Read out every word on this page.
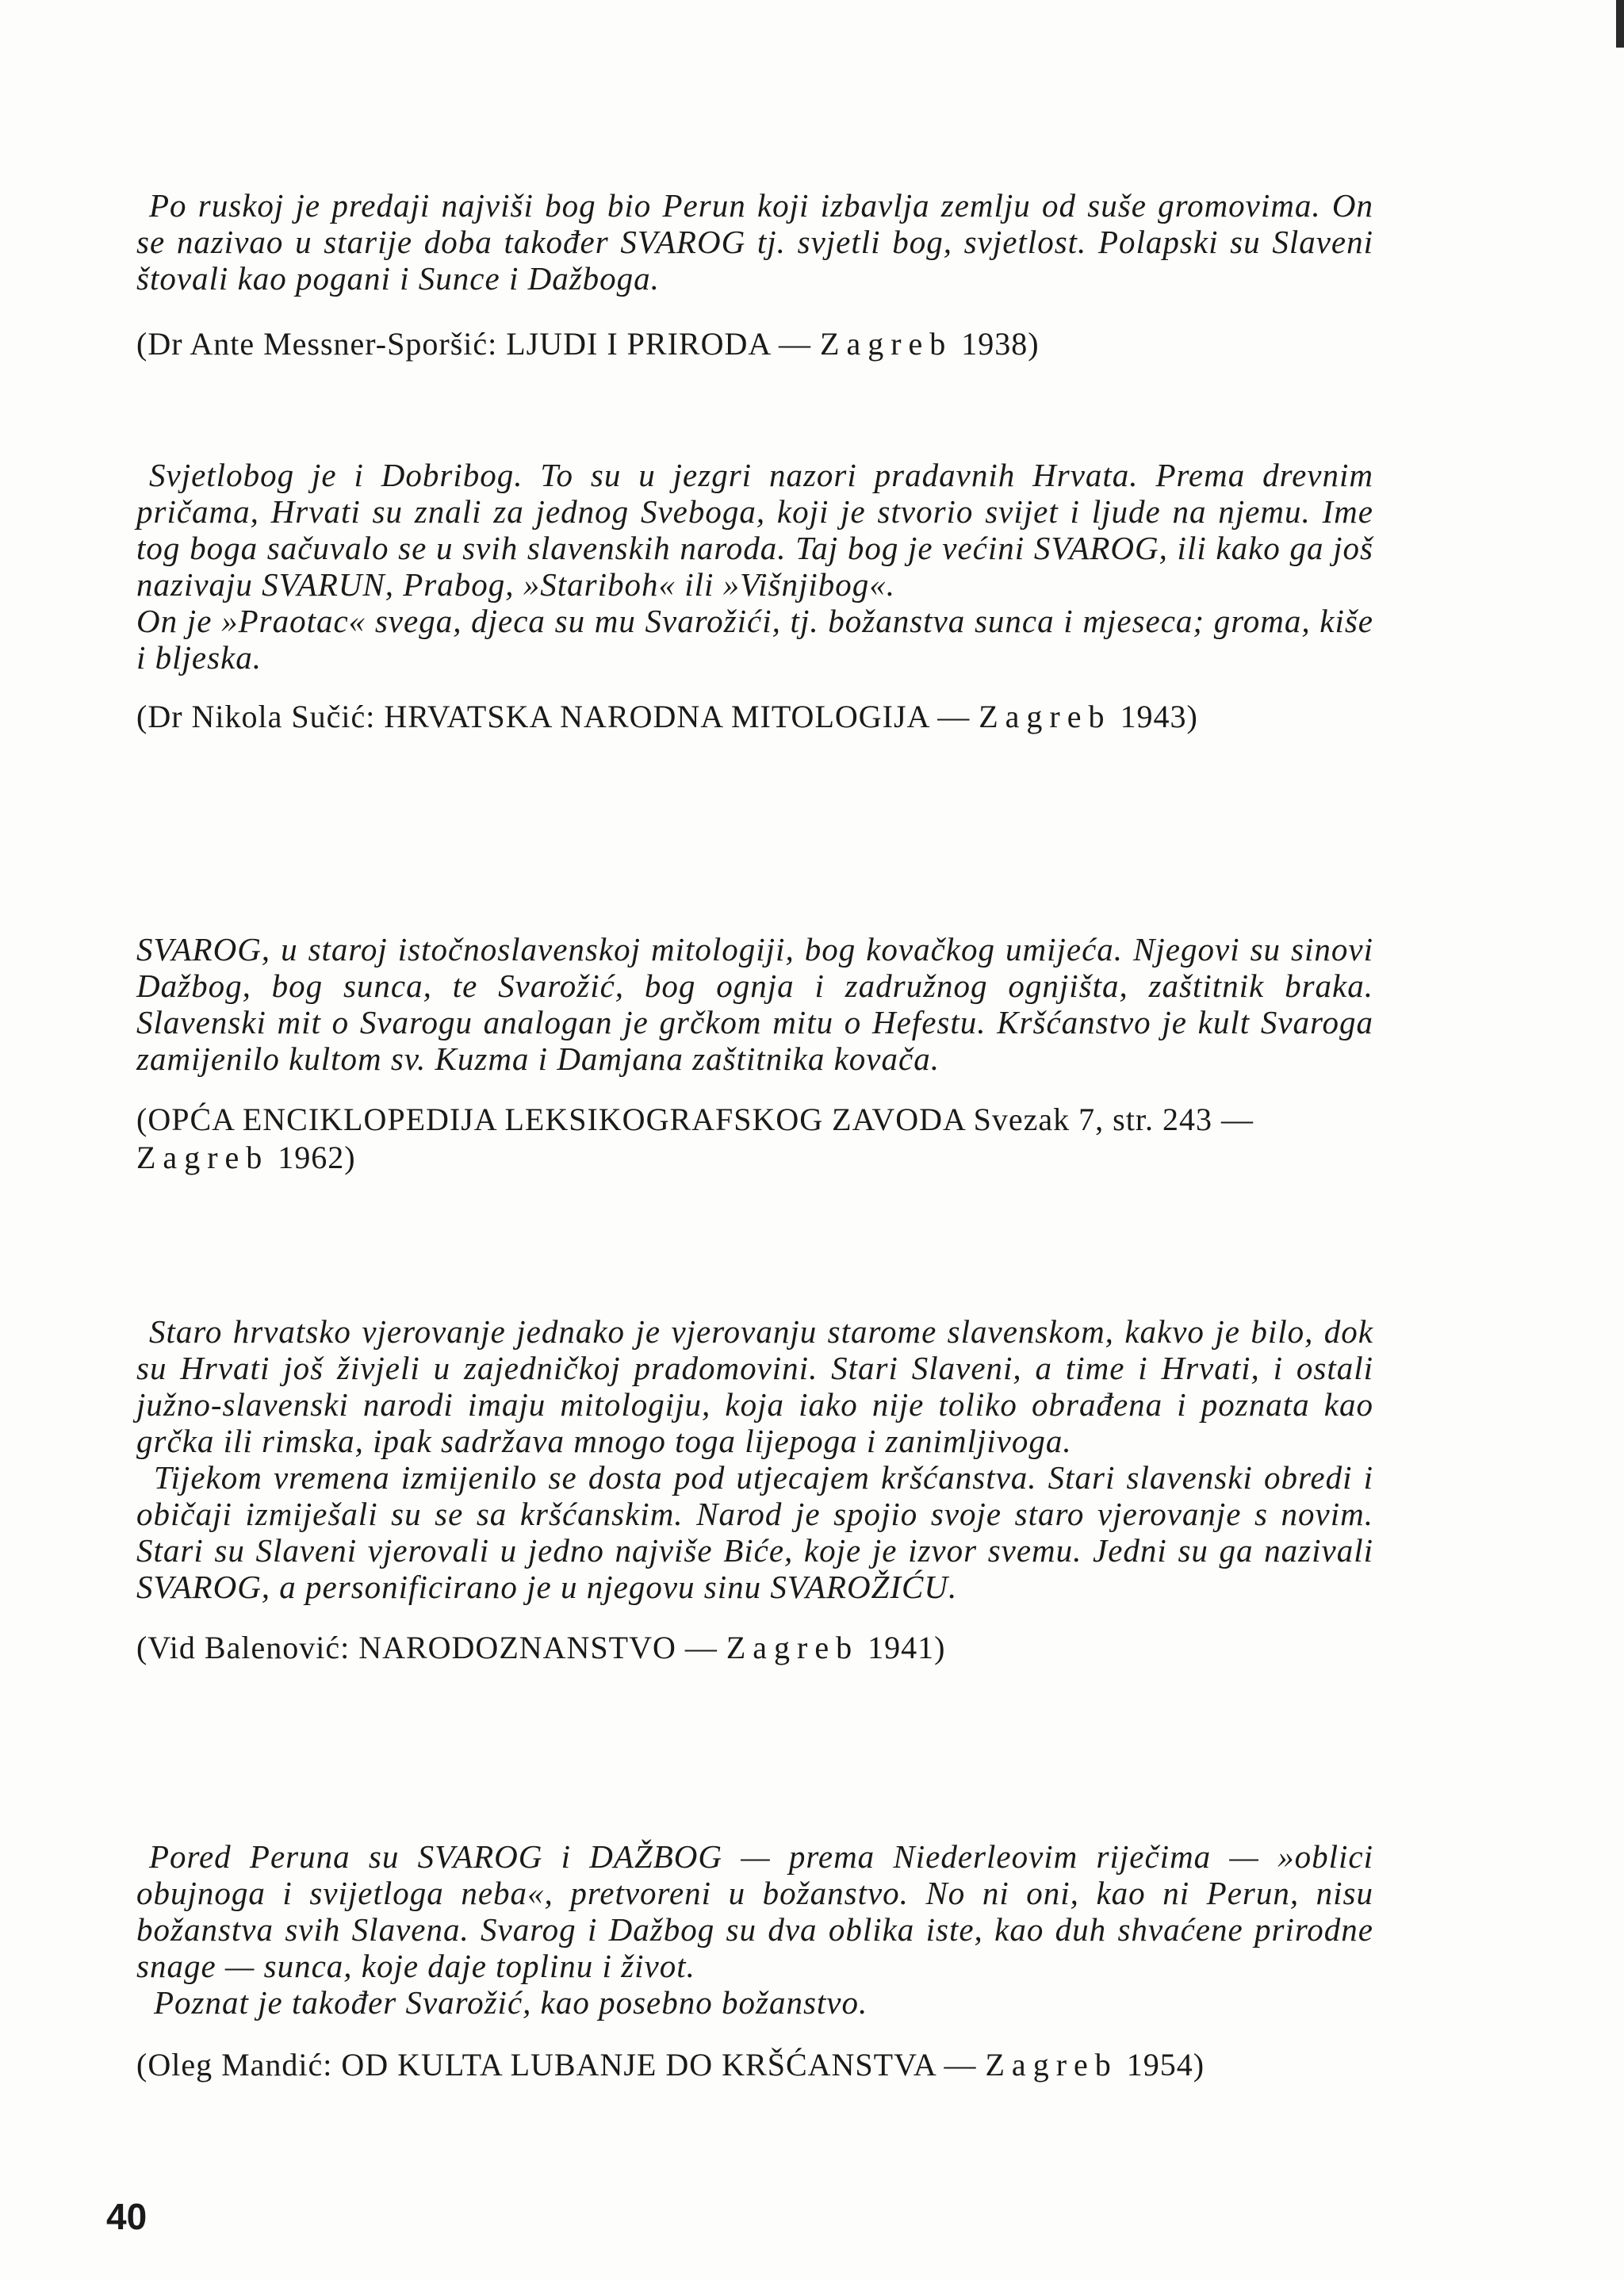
Po ruskoj je predaji najviši bog bio Perun koji izbavlja zemlju od suše gromovima. On se nazivao u starije doba također SVAROG tj. svjetli bog, svjetlost. Polapski su Slaveni štovali kao pogani i Sunce i Dažboga.

(Dr Ante Messner-Sporšić: LJUDI I PRIRODA — Zagreb 1938)

Svjetlobog je i Dobribog. To su u jezgri nazori pradavnih Hrvata. Prema drevnim pričama, Hrvati su znali za jednog Sveboga, koji je stvorio svijet i ljude na njemu. Ime tog boga sačuvalo se u svih slavenskih naroda. Taj bog je većini SVAROG, ili kako ga još nazivaju SVARUN, Prabog, »Stariboh« ili »Višnjibog«.

On je »Praotac« svega, djeca su mu Svarožići, tj. božanstva sunca i mjeseca; groma, kiše i bljeska.

(Dr Nikola Sučić: HRVATSKA NARODNA MITOLOGIJA — Zagreb 1943)

SVAROG, u staroj istočnoslavenskoj mitologiji, bog kovačkog umijeća. Njegovi su sinovi Dažbog, bog sunca, te Svarožić, bog ognja i zadružnog ognjišta, zaštitnik braka. Slavenski mit o Svarogu analogan je grčkom mitu o Hefestu. Kršćanstvo je kult Svaroga zamijenilo kultom sv. Kuzma i Damjana zaštitnika kovača.

(OPĆA ENCIKLOPEDIJA LEKSIKOGRAFSKOG ZAVODA Svezak 7, str. 243 — Zagreb 1962)

Staro hrvatsko vjerovanje jednako je vjerovanju starome slavenskom, kakvo je bilo, dok su Hrvati još živjeli u zajedničkoj pradomovini. Stari Slaveni, a time i Hrvati, i ostali južno-slavenski narodi imaju mitologiju, koja iako nije toliko obrađena i poznata kao grčka ili rimska, ipak sadržava mnogo toga lijepoga i zanimljivoga.

Tijekom vremena izmijenilo se dosta pod utjecajem kršćanstva. Stari slavenski obredi i običaji izmiješali su se sa kršćanskim. Narod je spojio svoje staro vjerovanje s novim. Stari su Slaveni vjerovali u jedno najviše Biće, koje je izvor svemu. Jedni su ga nazivali SVAROG, a personificirano je u njegovu sinu SVAROŽIĆU.

(Vid Balenović: NARODOZNANSTVO — Zagreb 1941)

Pored Peruna su SVAROG i DAŽBOG — prema Niederleovim riječima — »oblici obujnoga i svijetloga neba«, pretvoreni u božanstvo. No ni oni, kao ni Perun, nisu božanstva svih Slavena. Svarog i Dažbog su dva oblika iste, kao duh shvaćene prirodne snage — sunca, koje daje toplinu i život.

Poznat je također Svarožić, kao posebno božanstvo.

(Oleg Mandić: OD KULTA LUBANJE DO KRŠĆANSTVA — Zagreb 1954)

40
